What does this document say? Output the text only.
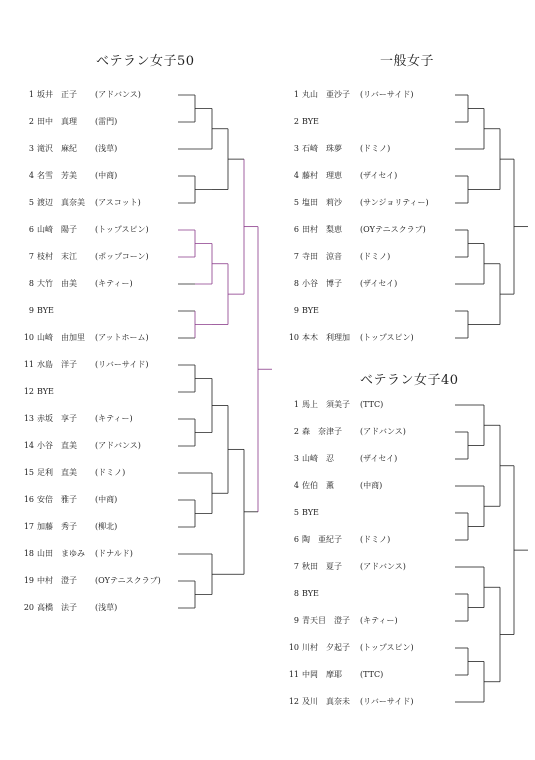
ベテラン女子50	一般女子
ベテラン女子40
1 坂井　正子 (アドバンス)
2 田中　真理 (雷門)
3 滝沢　麻紀 (浅草)
4 名雪　芳美 (中商)
5 渡辺　真奈美 (アスコット)
6 山崎　陽子 (トップスピン)
7 枝村　末江 (ポップコーン)
8 大竹　由美 (キティー)
9 BYE
10 山崎　由加里 (アットホーム)
11 水島　洋子 (リバーサイド)
12 BYE
13 赤坂　享子 (キティー)
14 小谷　直美 (アドバンス)
15 足利　直美 (ドミノ)
16 安倍　雅子 (中商)
17 加藤　秀子 (柳北)
18 山田　まゆみ (ドナルド)
19 中村　澄子 (OYテニスクラブ)
20 高橋　法子 (浅草)
1 丸山　亜沙子 (リバーサイド)
2 BYE
3 石崎　珠夢 (ドミノ)
4 藤村　理恵 (ザイセイ)
5 塩田　莉沙 (サンジョリティー)
6 田村　梨恵 (OYテニスクラブ)
7 寺田　涼音 (ドミノ)
8 小谷　博子 (ザイセイ)
9 BYE
10 本木　利理加 (トップスピン)
1 馬上　須美子 (TTC)
2 森　奈津子 (アドバンス)
3 山崎　忍	(ザイセイ)
4 佐伯　薫	(中商)
5 BYE
6 陶　亜紀子 (ドミノ)
7 秋田　夏子 (アドバンス)
8 BYE
9 青天目　澄子 (キティー)
10 川村　夕起子 (トップスピン)
11 中岡　摩耶 (TTC)
12 及川　真奈未 (リバーサイド)
